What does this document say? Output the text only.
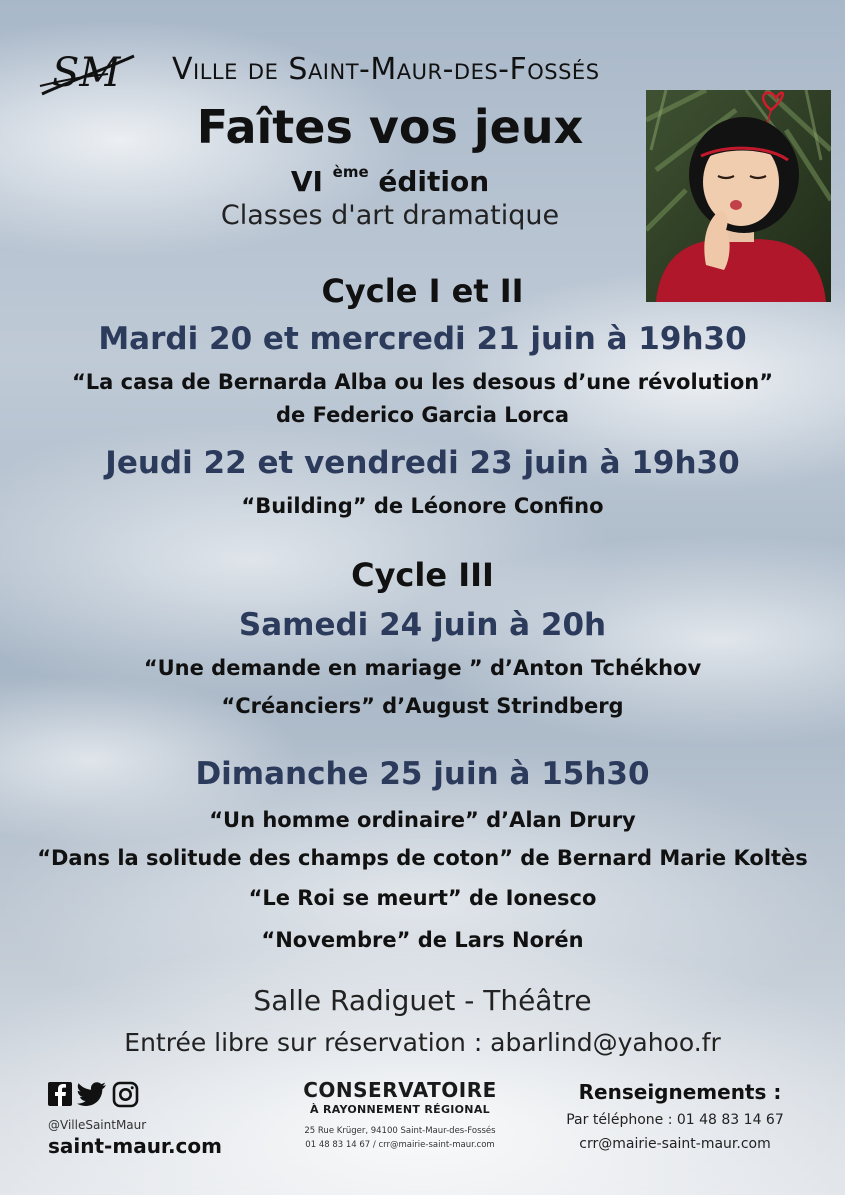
SM Ville de Saint-Maur-des-Fossés
Faîtes vos jeux
VI $^{ème}$ édition
Classes d'art dramatique
Cycle I et II
Mardi 20 et mercredi 21 juin à 19h30
“La casa de Bernarda Alba ou les desous d’une révolution”
de Federico Garcia Lorca
Jeudi 22 et vendredi 23 juin à 19h30
“Building” de Léonore Confino
Cycle III
Samedi 24 juin à 20h
“Une demande en mariage ” d’Anton Tchékhov
“Créanciers” d’August Strindberg
Dimanche 25 juin à 15h30
“Un homme ordinaire” d’Alan Drury
“Dans la solitude des champs de coton” de Bernard Marie Koltès
“Le Roi se meurt” de Ionesco
“Novembre” de Lars Norén
Salle Radiguet - Théâtre
Entrée libre sur réservation : abarlind@yahoo.fr
@VilleSaintMaur
saint-maur.com
CONSERVATOIRE
À RAYONNEMENT RÉGIONAL
25 Rue Krüger, 94100 Saint-Maur-des-Fossés
01 48 83 14 67 / crr@mairie-saint-maur.com
Renseignements :
Par téléphone : 01 48 83 14 67
crr@mairie-saint-maur.com
